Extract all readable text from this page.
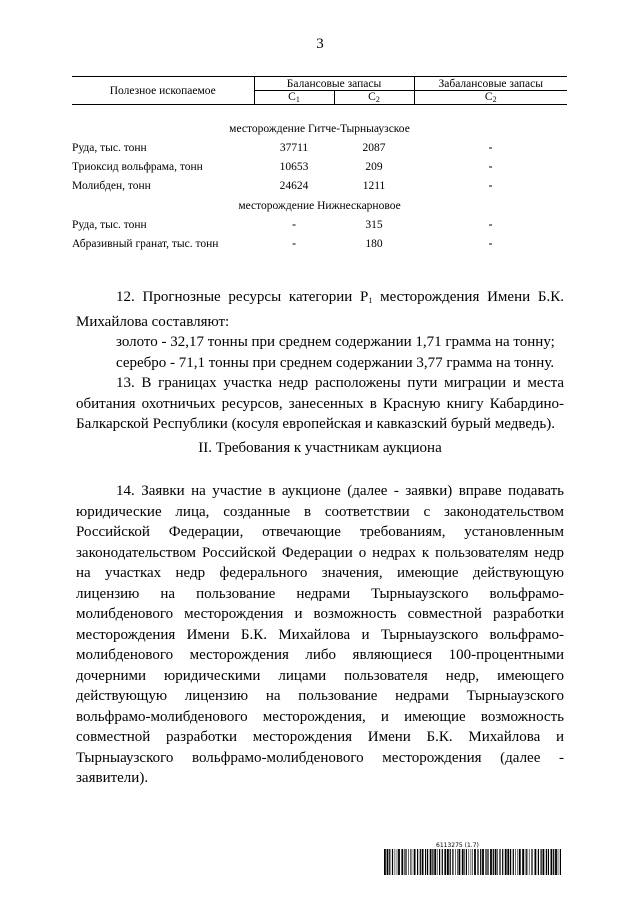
3
Полезное ископаемое	Балансовые запасы		Забалансовые запасы
	$C_1$	$C_2$	$C_2$

месторождение Гитче-Тырныаузское			
Руда, тыс. тонн	37711	2087	-
Триоксид вольфрама, тонн	10653	209	-
Молибден, тонн	24624	1211	-
месторождение Нижнескарновое			
Руда, тыс. тонн	-	315	-
Абразивный гранат, тыс. тонн	-	180	-
12. Прогнозные ресурсы категории $P_1$ месторождения Имени Б.К. Михайлова составляют:
золото - 32,17 тонны при среднем содержании 1,71 грамма на тонну;
серебро - 71,1 тонны при среднем содержании 3,77 грамма на тонну.
13. В границах участка недр расположены пути миграции и места обитания охотничьих ресурсов, занесенных в Красную книгу Кабардино-Балкарской Республики (косуля европейская и кавказский бурый медведь).
II. Требования к участникам аукциона
14. Заявки на участие в аукционе (далее - заявки) вправе подавать юридические лица, созданные в соответствии с законодательством Российской Федерации, отвечающие требованиям, установленным законодательством Российской Федерации о недрах к пользователям недр на участках недр федерального значения, имеющие действующую лицензию на пользование недрами Тырныаузского вольфрамо-молибденового месторождения и возможность совместной разработки месторождения Имени Б.К. Михайлова и Тырныаузского вольфрамо-молибденового месторождения либо являющиеся 100-процентными дочерними юридическими лицами пользователя недр, имеющего действующую лицензию на пользование недрами Тырныаузского вольфрамо-молибденового месторождения, и имеющие возможность совместной разработки месторождения Имени Б.К. Михайлова и Тырныаузского вольфрамо-молибденового месторождения (далее - заявители).
6113275 (1.7)
